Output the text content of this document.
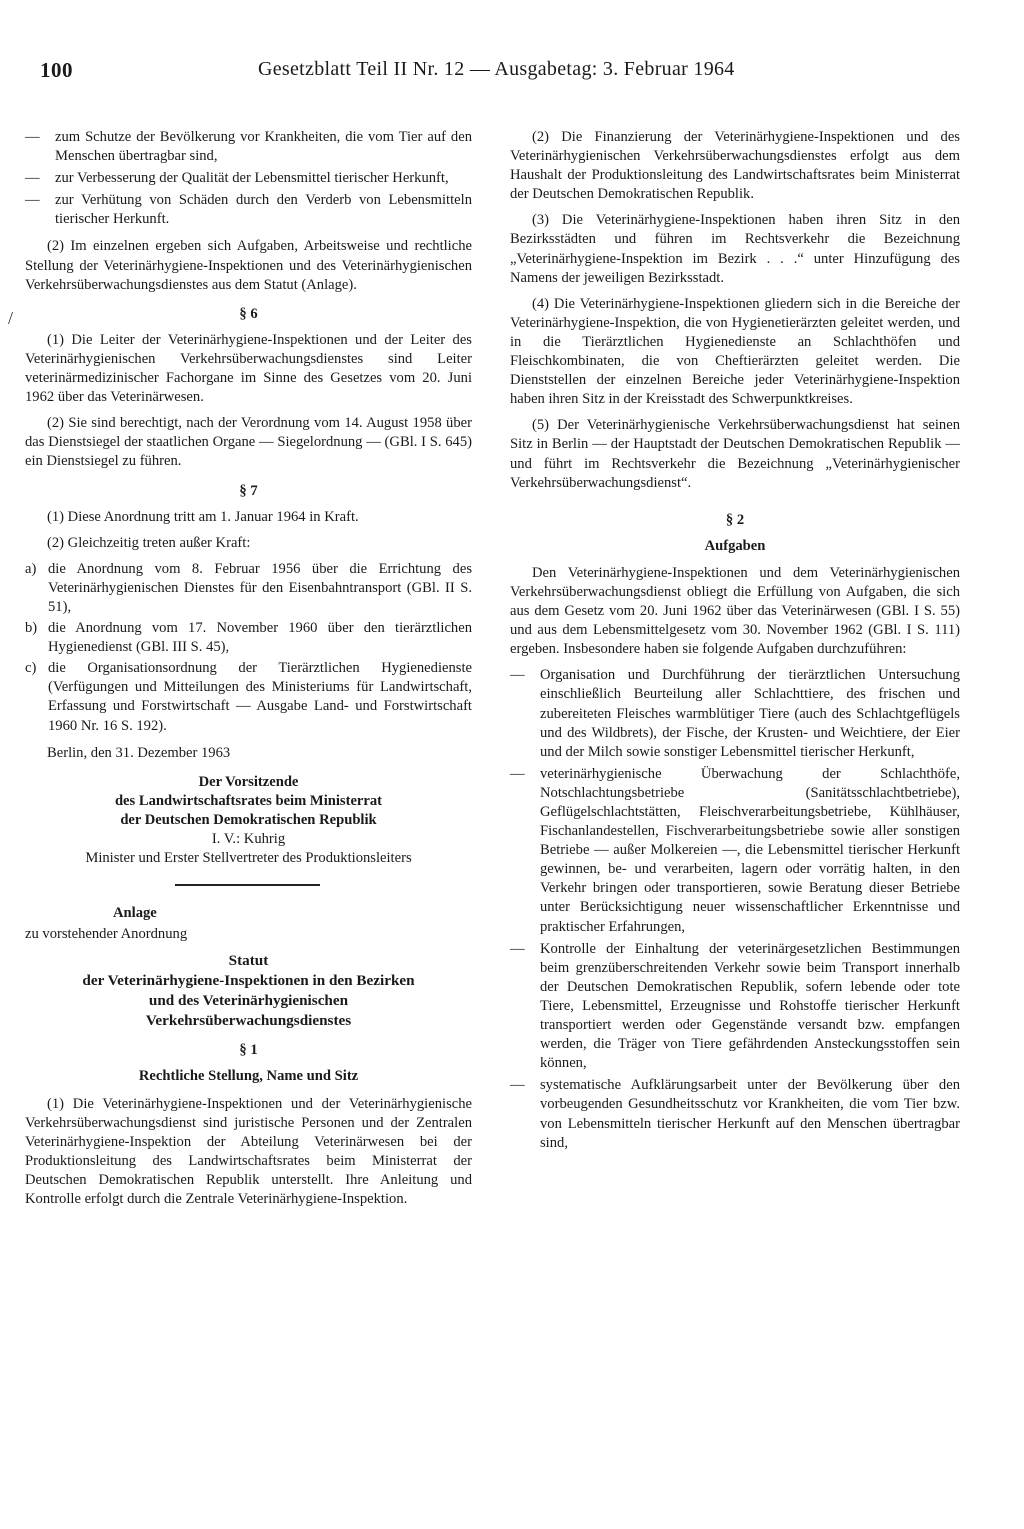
100	Gesetzblatt Teil II Nr. 12 — Ausgabetag: 3. Februar 1964
/
— zum Schutze der Bevölkerung vor Krankheiten, die vom Tier auf den Menschen übertragbar sind,
— zur Verbesserung der Qualität der Lebensmittel tierischer Herkunft,
— zur Verhütung von Schäden durch den Verderb von Lebensmitteln tierischer Herkunft.

(2) Im einzelnen ergeben sich Aufgaben, Arbeitsweise und rechtliche Stellung der Veterinärhygiene-Inspektionen und des Veterinärhygienischen Verkehrsüberwachungsdienstes aus dem Statut (Anlage).

§ 6

(1) Die Leiter der Veterinärhygiene-Inspektionen und der Leiter des Veterinärhygienischen Verkehrsüberwachungsdienstes sind Leiter veterinärmedizinischer Fachorgane im Sinne des Gesetzes vom 20. Juni 1962 über das Veterinärwesen.

(2) Sie sind berechtigt, nach der Verordnung vom 14. August 1958 über das Dienstsiegel der staatlichen Organe — Siegelordnung — (GBl. I S. 645) ein Dienstsiegel zu führen.

§ 7

(1) Diese Anordnung tritt am 1. Januar 1964 in Kraft.

(2) Gleichzeitig treten außer Kraft:

a) die Anordnung vom 8. Februar 1956 über die Errichtung des Veterinärhygienischen Dienstes für den Eisenbahntransport (GBl. II S. 51),
b) die Anordnung vom 17. November 1960 über den tierärztlichen Hygienedienst (GBl. III S. 45),
c) die Organisationsordnung der Tierärztlichen Hygienedienste (Verfügungen und Mitteilungen des Ministeriums für Landwirtschaft, Erfassung und Forstwirtschaft — Ausgabe Land- und Forstwirtschaft 1960 Nr. 16 S. 192).

Berlin, den 31. Dezember 1963

Der Vorsitzende
des Landwirtschaftsrates beim Ministerrat
der Deutschen Demokratischen Republik
I. V.: Kuhrig
Minister und Erster Stellvertreter des Produktionsleiters
Anlage

zu vorstehender Anordnung

Statut
der Veterinärhygiene-Inspektionen in den Bezirken
und des Veterinärhygienischen
Verkehrsüberwachungsdienstes
§ 1
Rechtliche Stellung, Name und Sitz

(1) Die Veterinärhygiene-Inspektionen und der Veterinärhygienische Verkehrsüberwachungsdienst sind juristische Personen und der Zentralen Veterinärhygiene-Inspektion der Abteilung Veterinärwesen bei der Produktionsleitung des Landwirtschaftsrates beim Ministerrat der Deutschen Demokratischen Republik unterstellt. Ihre Anleitung und Kontrolle erfolgt durch die Zentrale Veterinärhygiene-Inspektion.

(2) Die Finanzierung der Veterinärhygiene-Inspektionen und des Veterinärhygienischen Verkehrsüberwachungsdienstes erfolgt aus dem Haushalt der Produktionsleitung des Landwirtschaftsrates beim Ministerrat der Deutschen Demokratischen Republik.

(3) Die Veterinärhygiene-Inspektionen haben ihren Sitz in den Bezirksstädten und führen im Rechtsverkehr die Bezeichnung „Veterinärhygiene-Inspektion im Bezirk . . .“ unter Hinzufügung des Namens der jeweiligen Bezirksstadt.

(4) Die Veterinärhygiene-Inspektionen gliedern sich in die Bereiche der Veterinärhygiene-Inspektion, die von Hygienetierärzten geleitet werden, und in die Tierärztlichen Hygienedienste an Schlachthöfen und Fleischkombinaten, die von Cheftierärzten geleitet werden. Die Dienststellen der einzelnen Bereiche jeder Veterinärhygiene-Inspektion haben ihren Sitz in der Kreisstadt des Schwerpunktkreises.

(5) Der Veterinärhygienische Verkehrsüberwachungsdienst hat seinen Sitz in Berlin — der Hauptstadt der Deutschen Demokratischen Republik — und führt im Rechtsverkehr die Bezeichnung „Veterinärhygienischer Verkehrsüberwachungsdienst“.

§ 2
Aufgaben

Den Veterinärhygiene-Inspektionen und dem Veterinärhygienischen Verkehrsüberwachungsdienst obliegt die Erfüllung von Aufgaben, die sich aus dem Gesetz vom 20. Juni 1962 über das Veterinärwesen (GBl. I S. 55) und aus dem Lebensmittelgesetz vom 30. November 1962 (GBl. I S. 111) ergeben. Insbesondere haben sie folgende Aufgaben durchzuführen:

— Organisation und Durchführung der tierärztlichen Untersuchung einschließlich Beurteilung aller Schlachttiere, des frischen und zubereiteten Fleisches warmblütiger Tiere (auch des Schlachtgeflügels und des Wildbrets), der Fische, der Krusten- und Weichtiere, der Eier und der Milch sowie sonstiger Lebensmittel tierischer Herkunft,
— veterinärhygienische Überwachung der Schlachthöfe, Notschlachtungsbetriebe (Sanitätsschlachtbetriebe), Geflügelschlachtstätten, Fleischverarbeitungsbetriebe, Kühlhäuser, Fischanlandestellen, Fischverarbeitungsbetriebe sowie aller sonstigen Betriebe — außer Molkereien —, die Lebensmittel tierischer Herkunft gewinnen, be- und verarbeiten, lagern oder vorrätig halten, in den Verkehr bringen oder transportieren, sowie Beratung dieser Betriebe unter Berücksichtigung neuer wissenschaftlicher Erkenntnisse und praktischer Erfahrungen,
— Kontrolle der Einhaltung der veterinärgesetzlichen Bestimmungen beim grenzüberschreitenden Verkehr sowie beim Transport innerhalb der Deutschen Demokratischen Republik, sofern lebende oder tote Tiere, Lebensmittel, Erzeugnisse und Rohstoffe tierischer Herkunft transportiert werden oder Gegenstände versandt bzw. empfangen werden, die Träger von Tiere gefährdenden Ansteckungsstoffen sein können,
— systematische Aufklärungsarbeit unter der Bevölkerung über den vorbeugenden Gesundheitsschutz vor Krankheiten, die vom Tier bzw. von Lebensmitteln tierischer Herkunft auf den Menschen übertragbar sind,
